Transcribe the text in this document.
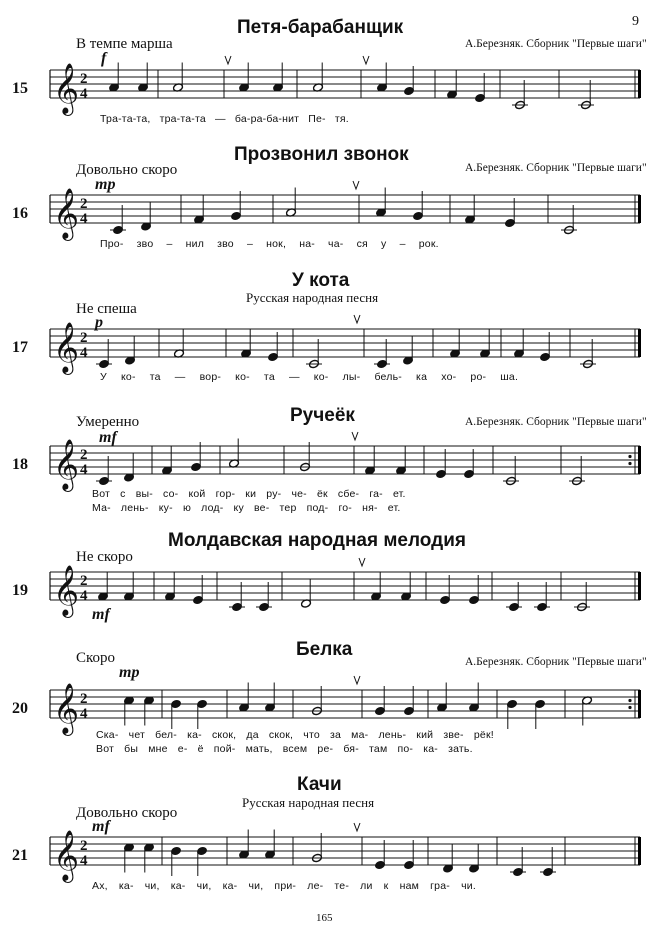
9
Петя-барабанщик
В темпе марша	А.Березняк. Сборник "Первые шаги"
f
15 𝄞 2
4
Тра-та-та, тра-та-та — ба-ра-ба-нит Пе- тя.
Прозвонил звонок
Довольно скоро	А.Березняк. Сборник "Первые шаги"
mp
16 𝄞 2
4
Про- зво – нил зво – нок, на- ча- ся у – рок.
У кота
Русская народная песня
Не спеша
p
17 𝄞 2
4
У ко- та — вор- ко- та — ко- лы- бель- ка хо- ро- ша.
Ручеёк
Умеренно	А.Березняк. Сборник "Первые шаги"
mf
18 𝄞 2
4
Вот с вы- со- кой гор- ки ру- че- ёк сбе- га- ет.
Ма- лень- ку- ю лод- ку ве- тер под- го- ня- ет.
Молдавская народная мелодия
Не скоро
19 𝄞 2
4
mf
Белка
Скоро	А.Березняк. Сборник "Первые шаги"
mp
20 𝄞 2
4
Ска- чет бел- ка- скок, да скок, что за ма- лень- кий зве- рёк!
Вот бы мне е- ё пой- мать, всем ре- бя- там по- ка- зать.
Качи
Русская народная песня
Довольно скоро
mf
21 𝄞 2
4
Ах, ка- чи, ка- чи, ка- чи, при- ле- те- ли к нам гра- чи.
165
